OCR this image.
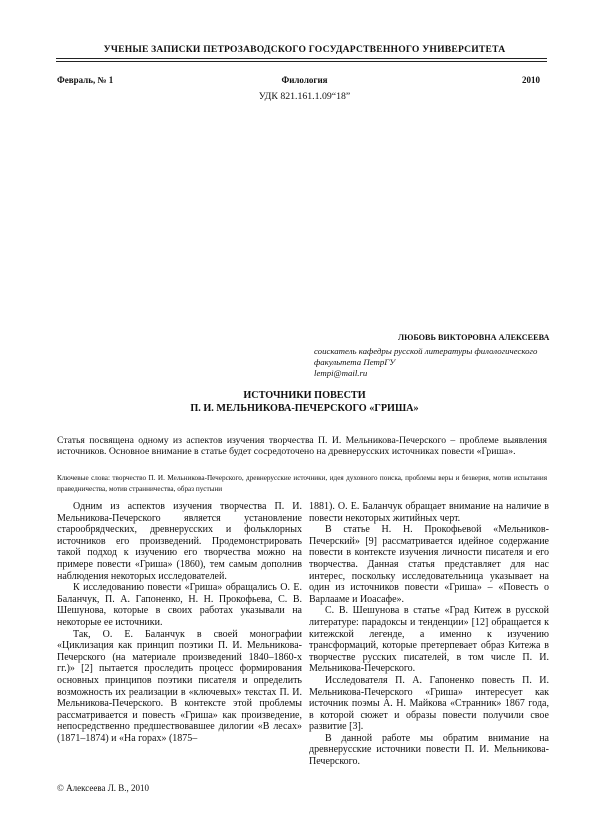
УЧЕНЫЕ ЗАПИСКИ ПЕТРОЗАВОДСКОГО ГОСУДАРСТВЕННОГО УНИВЕРСИТЕТА
Февраль, № 1	Филология	2010
УДК 821.161.1.09“18”
ЛЮБОВЬ ВИКТОРОВНА АЛЕКСЕЕВА
соискатель кафедры русской литературы филологического факультета ПетрГУ
lempi@mail.ru
ИСТОЧНИКИ ПОВЕСТИ
П. И. МЕЛЬНИКОВА-ПЕЧЕРСКОГО «ГРИША»
Статья посвящена одному из аспектов изучения творчества П. И. Мельникова-Печерского – проблеме выявления источников. Основное внимание в статье будет сосредоточено на древнерусских источниках повести «Гриша».
Ключевые слова: творчество П. И. Мельникова-Печерского, древнерусские источники, идея духовного поиска, проблемы веры и безверия, мотив испытания праведничества, мотив странничества, образ пустыни

Одним из аспектов изучения творчества П. И. Мельникова-Печерского является установление старообрядческих, древнерусских и фольклорных источников его произведений. Продемонстрировать такой подход к изучению его творчества можно на примере повести «Гриша» (1860), тем самым дополнив наблюдения некоторых исследователей.

К исследованию повести «Гриша» обращались О. Е. Баланчук, П. А. Гапоненко, Н. Н. Прокофьева, С. В. Шешунова, которые в своих работах указывали на некоторые ее источники.

Так, О. Е. Баланчук в своей монографии «Циклизация как принцип поэтики П. И. Мельникова-Печерского (на материале произведений 1840–1860-х гг.)» [2] пытается проследить процесс формирования основных принципов поэтики писателя и определить возможность их реализации в «ключевых» текстах П. И. Мельникова-Печерского. В контексте этой проблемы рассматривается и повесть «Гриша» как произведение, непосредственно предшествовавшее дилогии «В лесах» (1871–1874) и «На горах» (1875–

1881). О. Е. Баланчук обращает внимание на наличие в повести некоторых житийных черт.

В статье Н. Н. Прокофьевой «Мельников-Печерский» [9] рассматривается идейное содержание повести в контексте изучения личности писателя и его творчества. Данная статья представляет для нас интерес, поскольку исследовательница указывает на один из источников повести «Гриша» – «Повесть о Варлааме и Иоасафе».

С. В. Шешунова в статье «Град Китеж в русской литературе: парадоксы и тенденции» [12] обращается к китежской легенде, а именно к изучению трансформаций, которые претерпевает образ Китежа в творчестве русских писателей, в том числе П. И. Мельникова-Печерского.

Исследователя П. А. Гапоненко повесть П. И. Мельникова-Печерского «Гриша» интересует как источник поэмы А. Н. Майкова «Странник» 1867 года, в которой сюжет и образы повести получили свое развитие [3].

В данной работе мы обратим внимание на древнерусские источники повести П. И. Мельникова-Печерского.

© Алексеева Л. В., 2010
